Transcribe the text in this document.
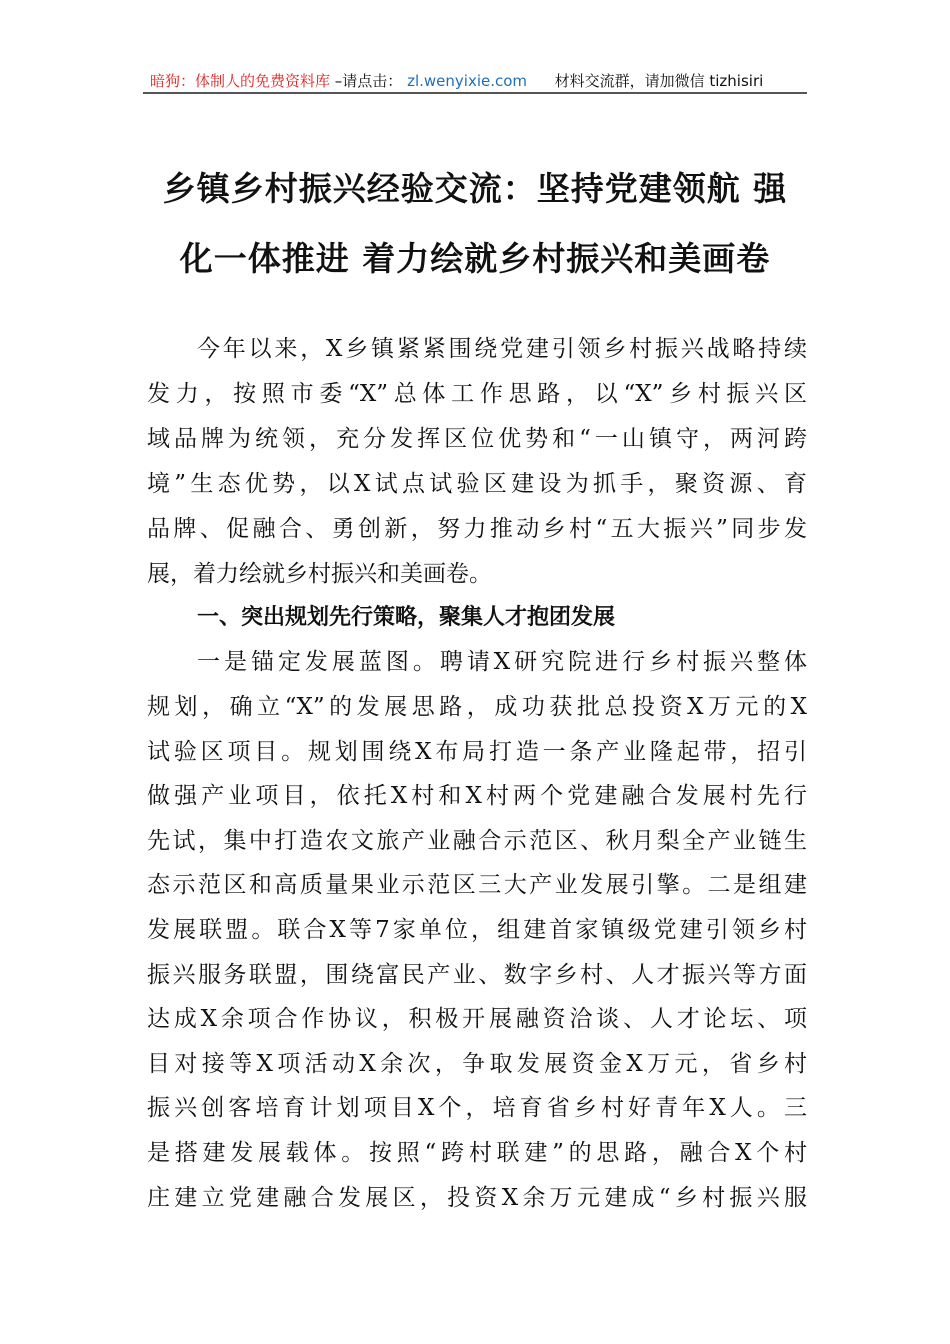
暗狗：体制人的免费资料库 –请点击： zl.wenyixie.com 材料交流群，请加微信 tizhisiri
乡镇乡村振兴经验交流：坚持党建领航 强
化一体推进 着力绘就乡村振兴和美画卷
今年以来，X乡镇紧紧围绕党建引领乡村振兴战略持续
发力，按照市委“X”总体工作思路，以“X”乡村振兴区
域品牌为统领，充分发挥区位优势和“一山镇守，两河跨
境”生态优势，以X试点试验区建设为抓手，聚资源、育
品牌、促融合、勇创新，努力推动乡村“五大振兴”同步发
展，着力绘就乡村振兴和美画卷。
一、突出规划先行策略，聚集人才抱团发展
一是锚定发展蓝图。聘请X研究院进行乡村振兴整体
规划，确立“X”的发展思路，成功获批总投资X万元的X
试验区项目。规划围绕X布局打造一条产业隆起带，招引
做强产业项目，依托X村和X村两个党建融合发展村先行
先试，集中打造农文旅产业融合示范区、秋月梨全产业链生
态示范区和高质量果业示范区三大产业发展引擎。二是组建
发展联盟。联合X等7家单位，组建首家镇级党建引领乡村
振兴服务联盟，围绕富民产业、数字乡村、人才振兴等方面
达成X余项合作协议，积极开展融资洽谈、人才论坛、项
目对接等X项活动X余次，争取发展资金X万元，省乡村
振兴创客培育计划项目X个，培育省乡村好青年X人。三
是搭建发展载体。按照“跨村联建”的思路，融合X个村
庄建立党建融合发展区，投资X余万元建成“乡村振兴服
